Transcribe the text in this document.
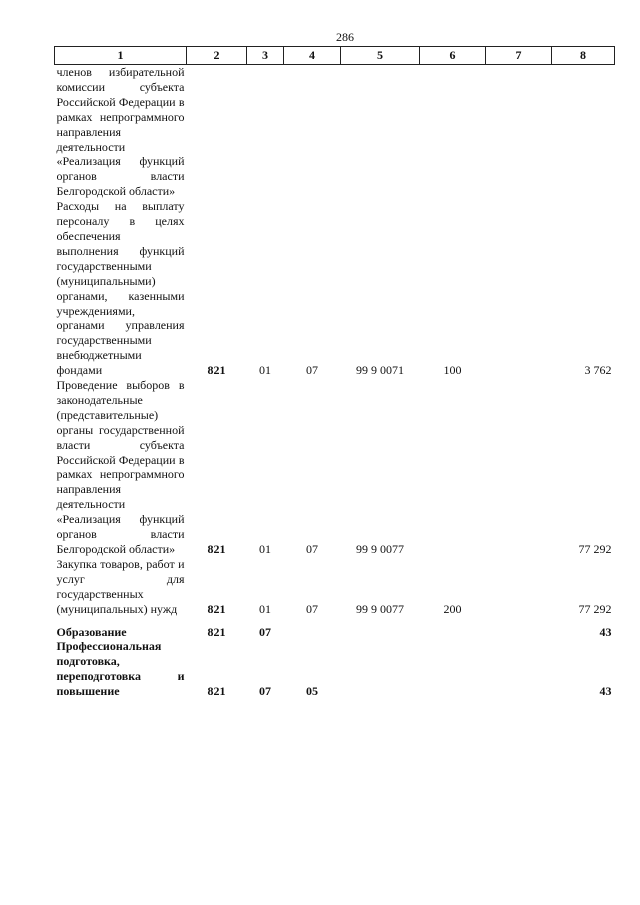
286
1	2	3	4	5	6	7	8
членов избирательной комиссии субъекта Российской Федерации в рамках непрограммного направления деятельности «Реализация функций органов власти Белгородской области»							
Расходы на выплату персоналу в целях обеспечения выполнения функций государственными (муниципальными) органами, казенными учреждениями, органами управления государственными внебюджетными фондами	821	01	07	99 9 0071	100		3 762
Проведение выборов в законодательные (представительные) органы государственной власти субъекта Российской Федерации в рамках непрограммного направления деятельности «Реализация функций органов власти Белгородской области»	821	01	07	99 9 0077			77 292
Закупка товаров, работ и услуг для государственных (муниципальных) нужд	821	01	07	99 9 0077	200		77 292

Образование	821	07					43
Профессиональная подготовка, переподготовка и повышение	821	07	05				43
